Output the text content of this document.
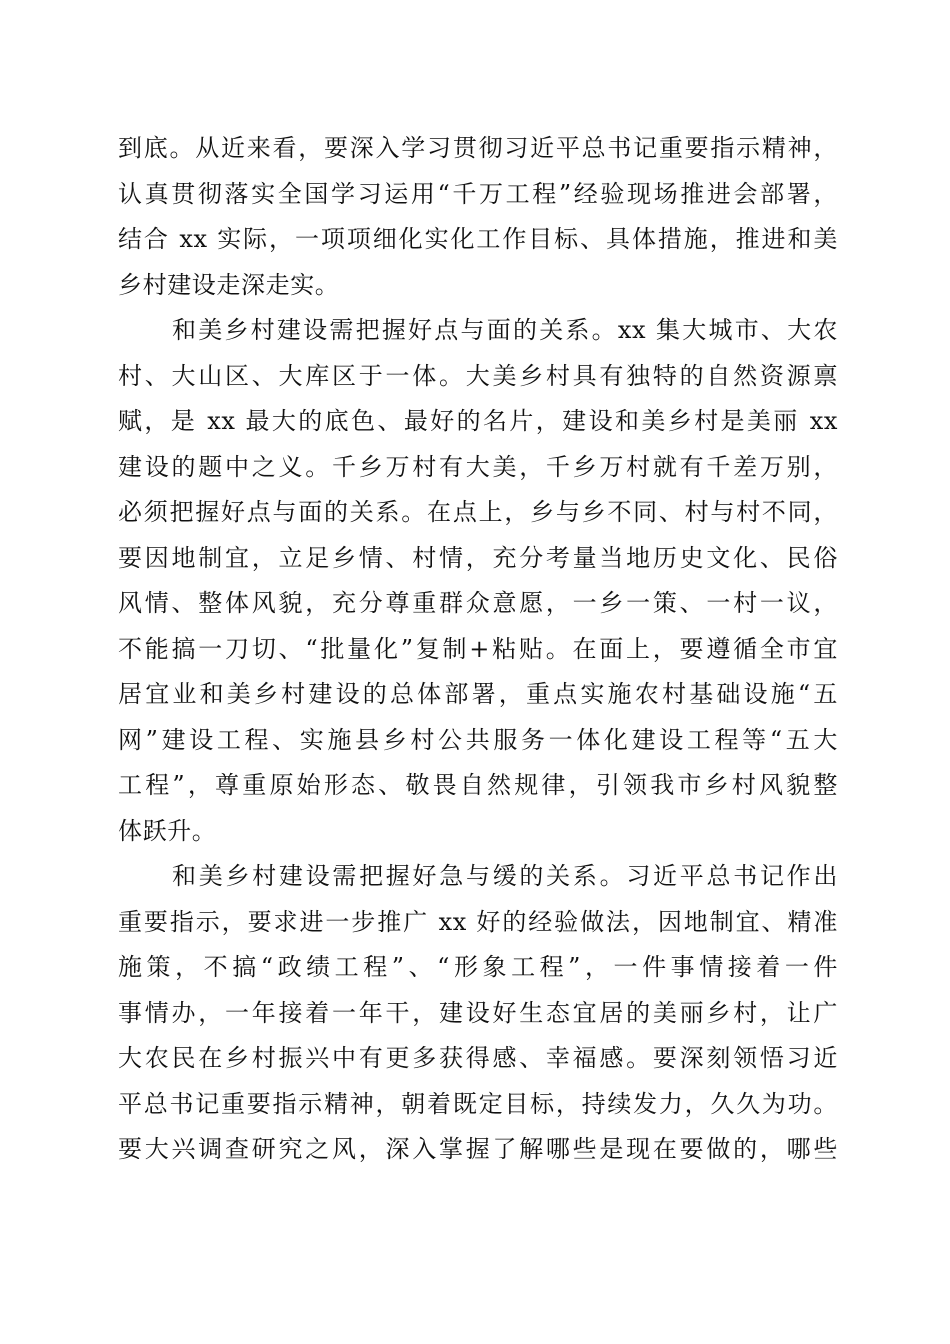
到底。从近来看，要深入学习贯彻习近平总书记重要指示精神，
认真贯彻落实全国学习运用“千万工程”经验现场推进会部署，
结合 xx 实际，一项项细化实化工作目标、具体措施，推进和美
乡村建设走深走实。
和美乡村建设需把握好点与面的关系。xx 集大城市、大农
村、大山区、大库区于一体。大美乡村具有独特的自然资源禀
赋，是 xx 最大的底色、最好的名片，建设和美乡村是美丽 xx
建设的题中之义。千乡万村有大美，千乡万村就有千差万别，
必须把握好点与面的关系。在点上，乡与乡不同、村与村不同，
要因地制宜，立足乡情、村情，充分考量当地历史文化、民俗
风情、整体风貌，充分尊重群众意愿，一乡一策、一村一议，
不能搞一刀切、“批量化”复制+粘贴。在面上，要遵循全市宜
居宜业和美乡村建设的总体部署，重点实施农村基础设施“五
网”建设工程、实施县乡村公共服务一体化建设工程等“五大
工程”，尊重原始形态、敬畏自然规律，引领我市乡村风貌整
体跃升。
和美乡村建设需把握好急与缓的关系。习近平总书记作出
重要指示，要求进一步推广 xx 好的经验做法，因地制宜、精准
施策，不搞“政绩工程”、“形象工程”，一件事情接着一件
事情办，一年接着一年干，建设好生态宜居的美丽乡村，让广
大农民在乡村振兴中有更多获得感、幸福感。要深刻领悟习近
平总书记重要指示精神，朝着既定目标，持续发力，久久为功。
要大兴调查研究之风，深入掌握了解哪些是现在要做的，哪些
